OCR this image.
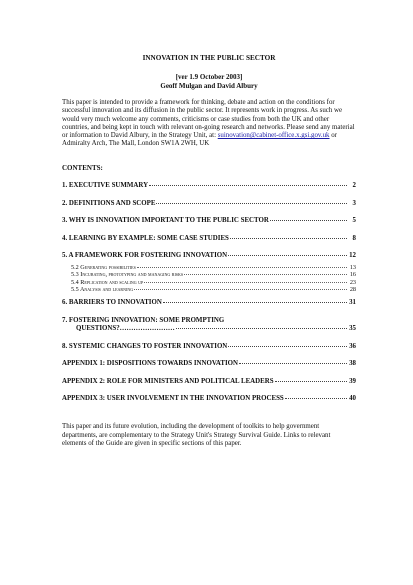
INNOVATION IN THE PUBLIC SECTOR
[ver 1.9 October 2003]
Geoff Mulgan and David Albury
This paper is intended to provide a framework for thinking, debate and action on the conditions for successful innovation and its diffusion in the public sector. It represents work in progress. As such we would very much welcome any comments, criticisms or case studies from both the UK and other countries, and being kept in touch with relevant on-going research and networks. Please send any material or information to David Albury, in the Strategy Unit, at: suinovation@cabinet-office.x.gsi.gov.uk or Admiralty Arch, The Mall, London SW1A 2WH, UK
CONTENTS:
1. EXECUTIVE SUMMARY	2
2. DEFINITIONS AND SCOPE	3
3. WHY IS INNOVATION IMPORTANT TO THE PUBLIC SECTOR	5
4. LEARNING BY EXAMPLE: SOME CASE STUDIES	8
5. A FRAMEWORK FOR FOSTERING INNOVATION	12
5.2 Generating possibilities	13
5.3 Incubating, prototyping and managing risks	16
5.4 Replication and scaling up	23
5.5 Analysis and learning	28
6. BARRIERS TO INNOVATION	31
7. FOSTERING INNOVATION: SOME PROMPTING
QUESTIONS?……………………	35
8. SYSTEMIC CHANGES TO FOSTER INNOVATION	36
APPENDIX 1: DISPOSITIONS TOWARDS INNOVATION	38
APPENDIX 2: ROLE FOR MINISTERS AND POLITICAL LEADERS	39
APPENDIX 3: USER INVOLVEMENT IN THE INNOVATION PROCESS	40
This paper and its future evolution, including the development of toolkits to help government departments, are complementary to the Strategy Unit's Strategy Survival Guide. Links to relevant elements of the Guide are given in specific sections of this paper.
